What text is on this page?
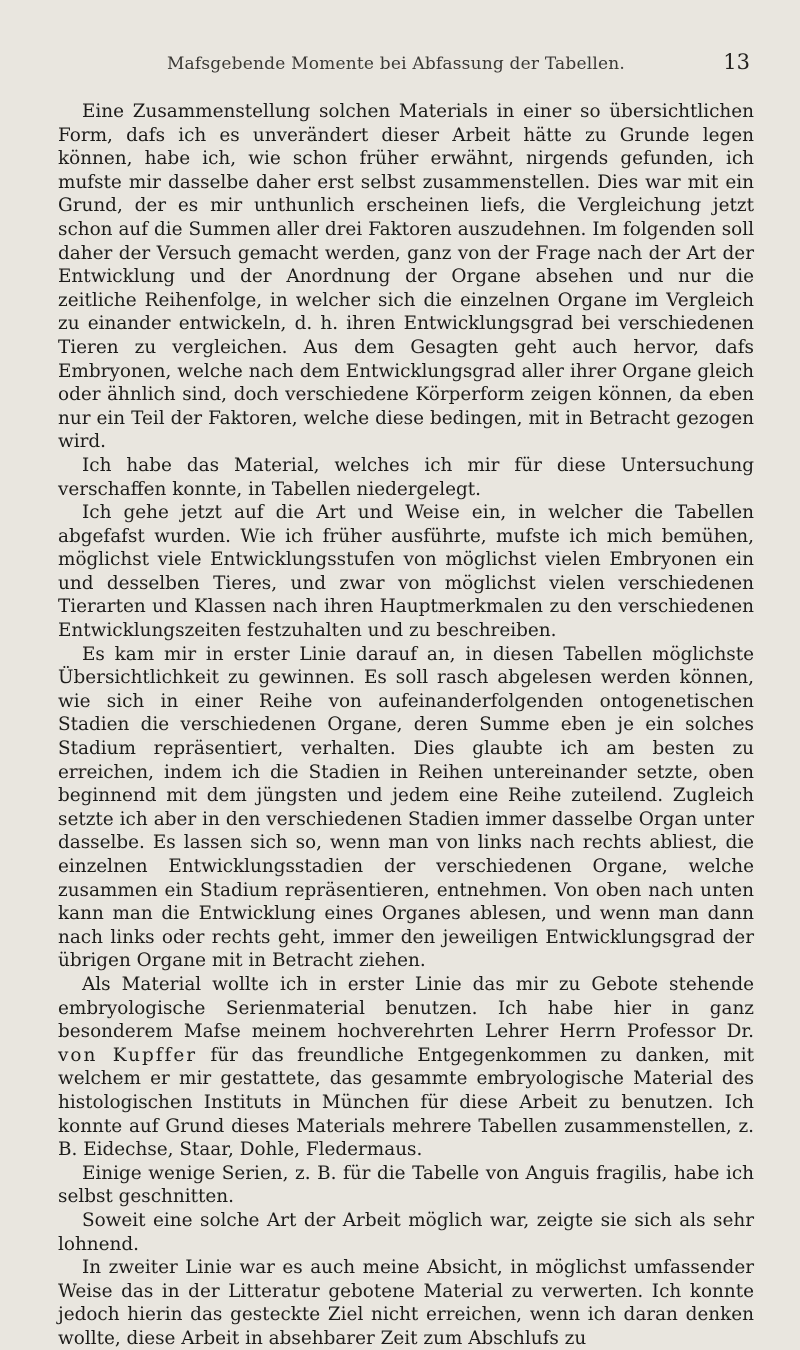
Mafsgebende Momente bei Abfassung der Tabellen.	13

Eine Zusammenstellung solchen Materials in einer so übersichtlichen Form, dafs ich es unverändert dieser Arbeit hätte zu Grunde legen können, habe ich, wie schon früher erwähnt, nirgends gefunden, ich mufste mir dasselbe daher erst selbst zusammenstellen. Dies war mit ein Grund, der es mir unthunlich erscheinen liefs, die Vergleichung jetzt schon auf die Summen aller drei Faktoren auszudehnen. Im folgenden soll daher der Versuch gemacht werden, ganz von der Frage nach der Art der Entwicklung und der Anordnung der Organe absehen und nur die zeitliche Reihenfolge, in welcher sich die einzelnen Organe im Vergleich zu einander entwickeln, d. h. ihren Entwicklungsgrad bei verschiedenen Tieren zu vergleichen. Aus dem Gesagten geht auch hervor, dafs Embryonen, welche nach dem Entwicklungsgrad aller ihrer Organe gleich oder ähnlich sind, doch verschiedene Körperform zeigen können, da eben nur ein Teil der Faktoren, welche diese bedingen, mit in Betracht gezogen wird.

Ich habe das Material, welches ich mir für diese Untersuchung verschaffen konnte, in Tabellen niedergelegt.

Ich gehe jetzt auf die Art und Weise ein, in welcher die Tabellen abgefafst wurden. Wie ich früher ausführte, mufste ich mich bemühen, möglichst viele Entwicklungsstufen von möglichst vielen Embryonen ein und desselben Tieres, und zwar von möglichst vielen verschiedenen Tierarten und Klassen nach ihren Hauptmerkmalen zu den verschiedenen Entwicklungszeiten festzuhalten und zu beschreiben.

Es kam mir in erster Linie darauf an, in diesen Tabellen möglichste Übersichtlichkeit zu gewinnen. Es soll rasch abgelesen werden können, wie sich in einer Reihe von aufeinanderfolgenden ontogenetischen Stadien die verschiedenen Organe, deren Summe eben je ein solches Stadium repräsentiert, verhalten. Dies glaubte ich am besten zu erreichen, indem ich die Stadien in Reihen untereinander setzte, oben beginnend mit dem jüngsten und jedem eine Reihe zuteilend. Zugleich setzte ich aber in den verschiedenen Stadien immer dasselbe Organ unter dasselbe. Es lassen sich so, wenn man von links nach rechts abliest, die einzelnen Entwicklungsstadien der verschiedenen Organe, welche zusammen ein Stadium repräsentieren, entnehmen. Von oben nach unten kann man die Entwicklung eines Organes ablesen, und wenn man dann nach links oder rechts geht, immer den jeweiligen Entwicklungsgrad der übrigen Organe mit in Betracht ziehen.

Als Material wollte ich in erster Linie das mir zu Gebote stehende embryologische Serienmaterial benutzen. Ich habe hier in ganz besonderem Mafse meinem hochverehrten Lehrer Herrn Professor Dr. von Kupffer für das freundliche Entgegenkommen zu danken, mit welchem er mir gestattete, das gesammte embryologische Material des histologischen Instituts in München für diese Arbeit zu benutzen. Ich konnte auf Grund dieses Materials mehrere Tabellen zusammenstellen, z. B. Eidechse, Staar, Dohle, Fledermaus.

Einige wenige Serien, z. B. für die Tabelle von Anguis fragilis, habe ich selbst geschnitten.

Soweit eine solche Art der Arbeit möglich war, zeigte sie sich als sehr lohnend.

In zweiter Linie war es auch meine Absicht, in möglichst umfassender Weise das in der Litteratur gebotene Material zu verwerten. Ich konnte jedoch hierin das gesteckte Ziel nicht erreichen, wenn ich daran denken wollte, diese Arbeit in absehbarer Zeit zum Abschlufs zu
